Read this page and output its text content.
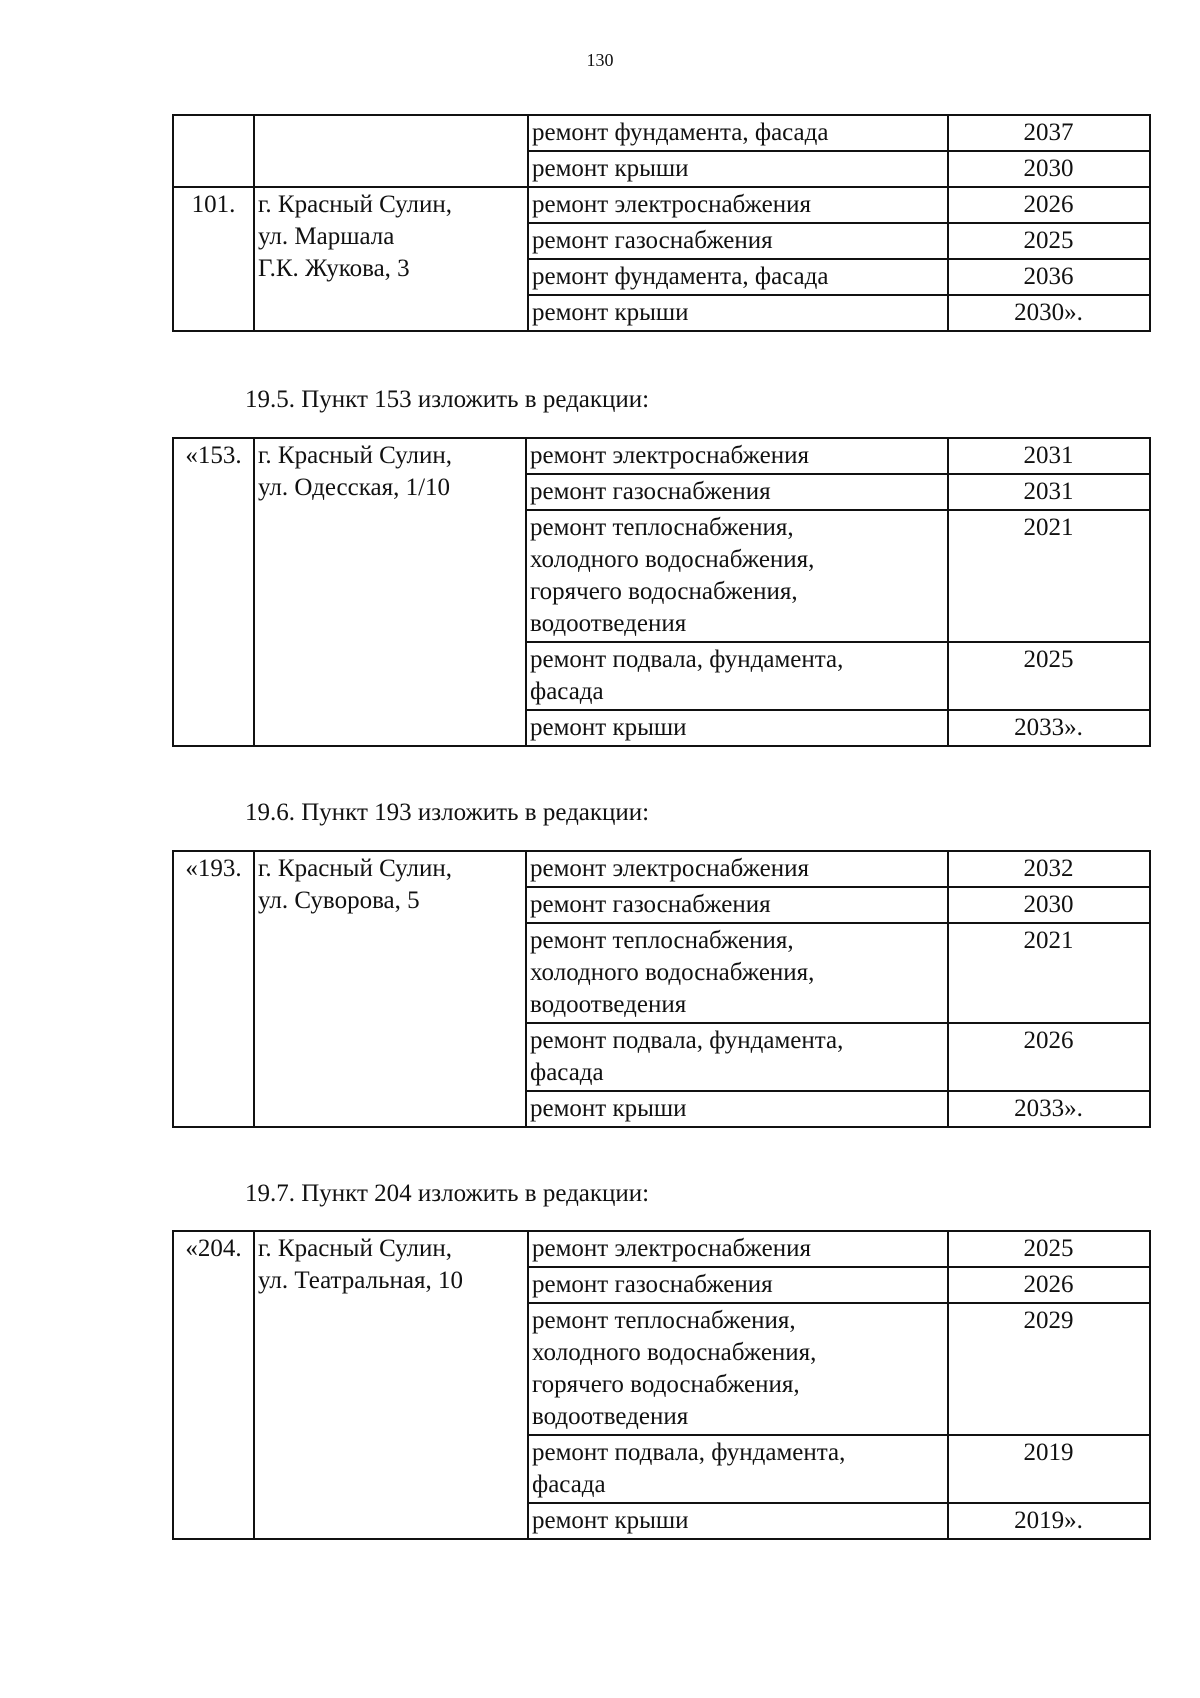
130
		ремонт фундамента, фасада	2037
		ремонт крыши	2030
101.	г. Красный Сулин,
ул. Маршала
Г.К. Жукова, 3	ремонт электроснабжения	2026
		ремонт газоснабжения	2025
		ремонт фундамента, фасада	2036
		ремонт крыши	2030».
19.5. Пункт 153 изложить в редакции:
«153.	г. Красный Сулин,
ул. Одесская, 1/10	ремонт электроснабжения	2031
		ремонт газоснабжения	2031

		ремонт теплоснабжения,
холодного водоснабжения,
горячего водоснабжения,
водоотведения	2021

		ремонт подвала, фундамента,
фасада	2025
		ремонт крыши	2033».
19.6. Пункт 193 изложить в редакции:
«193.	г. Красный Сулин,
ул. Суворова, 5	ремонт электроснабжения	2032
		ремонт газоснабжения	2030

		ремонт теплоснабжения,
холодного водоснабжения,
водоотведения	2021

		ремонт подвала, фундамента,
фасада	2026
		ремонт крыши	2033».
19.7. Пункт 204 изложить в редакции:
«204.	г. Красный Сулин,
ул. Театральная, 10	ремонт электроснабжения	2025
		ремонт газоснабжения	2026

		ремонт теплоснабжения,
холодного водоснабжения,
горячего водоснабжения,
водоотведения	2029

		ремонт подвала, фундамента,
фасада	2019
		ремонт крыши	2019».
